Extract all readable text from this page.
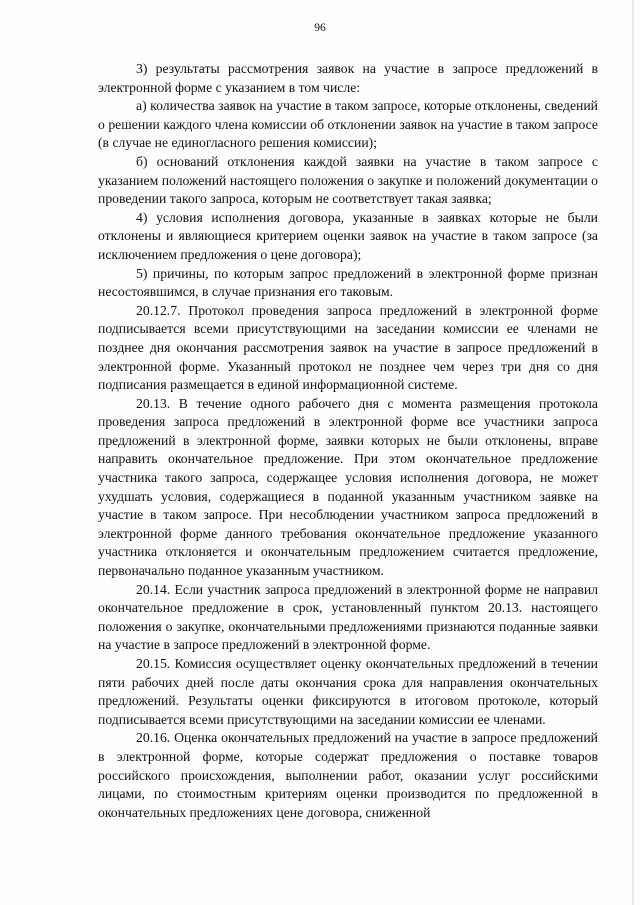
96

3) результаты рассмотрения заявок на участие в запросе предложений в электронной форме с указанием в том числе:

а) количества заявок на участие в таком запросе, которые отклонены, сведений о решении каждого члена комиссии об отклонении заявок на участие в таком запросе (в случае не единогласного решения комиссии);

б) оснований отклонения каждой заявки на участие в таком запросе с указанием положений настоящего положения о закупке и положений документации о проведении такого запроса, которым не соответствует такая заявка;

4) условия исполнения договора, указанные в заявках которые не были отклонены и являющиеся критерием оценки заявок на участие в таком запросе (за исключением предложения о цене договора);

5) причины, по которым запрос предложений в электронной форме признан несостоявшимся, в случае признания его таковым.

20.12.7. Протокол проведения запроса предложений в электронной форме подписывается всеми присутствующими на заседании комиссии ее членами не позднее дня окончания рассмотрения заявок на участие в запросе предложений в электронной форме. Указанный протокол не позднее чем через три дня со дня подписания размещается в единой информационной системе.

20.13. В течение одного рабочего дня с момента размещения протокола проведения запроса предложений в электронной форме все участники запроса предложений в электронной форме, заявки которых не были отклонены, вправе направить окончательное предложение. При этом окончательное предложение участника такого запроса, содержащее условия исполнения договора, не может ухудшать условия, содержащиеся в поданной указанным участником заявке на участие в таком запросе. При несоблюдении участником запроса предложений в электронной форме данного требования окончательное предложение указанного участника отклоняется и окончательным предложением считается предложение, первоначально поданное указанным участником.

20.14. Если участник запроса предложений в электронной форме не направил окончательное предложение в срок, установленный пунктом 20.13. настоящего положения о закупке, окончательными предложениями признаются поданные заявки на участие в запросе предложений в электронной форме.

20.15. Комиссия осуществляет оценку окончательных предложений в течении пяти рабочих дней после даты окончания срока для направления окончательных предложений. Результаты оценки фиксируются в итоговом протоколе, который подписывается всеми присутствующими на заседании комиссии ее членами.

20.16. Оценка окончательных предложений на участие в запросе предложений в электронной форме, которые содержат предложения о поставке товаров российского происхождения, выполнении работ, оказании услуг российскими лицами, по стоимостным критериям оценки производится по предложенной в окончательных предложениях цене договора, сниженной
